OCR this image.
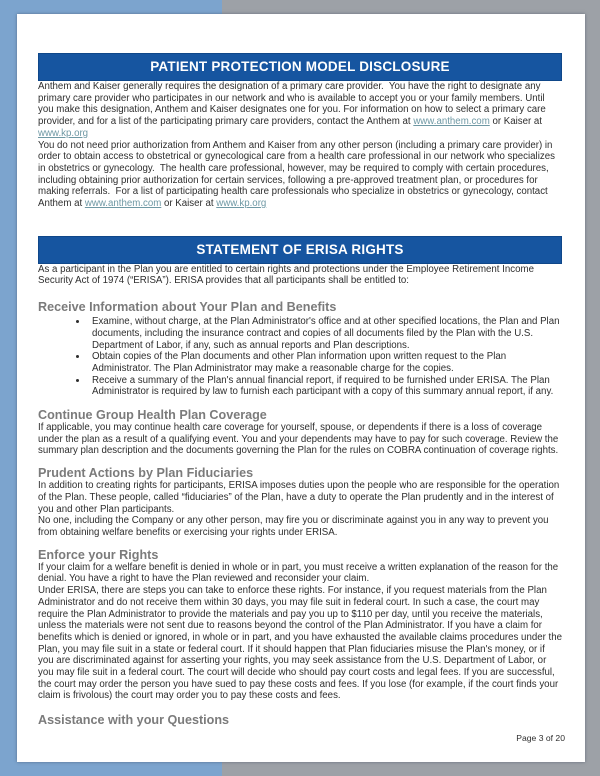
PATIENT PROTECTION MODEL DISCLOSURE

Anthem and Kaiser generally requires the designation of a primary care provider.  You have the right to designate any primary care provider who participates in our network and who is available to accept you or your family members. Until you make this designation, Anthem and Kaiser designates one for you. For information on how to select a primary care provider, and for a list of the participating primary care providers, contact the Anthem at www.anthem.com or Kaiser at www.kp.org

You do not need prior authorization from Anthem and Kaiser from any other person (including a primary care provider) in order to obtain access to obstetrical or gynecological care from a health care professional in our network who specializes in obstetrics or gynecology.  The health care professional, however, may be required to comply with certain procedures, including obtaining prior authorization for certain services, following a pre-approved treatment plan, or procedures for making referrals.  For a list of participating health care professionals who specialize in obstetrics or gynecology, contact Anthem at www.anthem.com or Kaiser at www.kp.org

STATEMENT OF ERISA RIGHTS

As a participant in the Plan you are entitled to certain rights and protections under the Employee Retirement Income Security Act of 1974 (“ERISA”). ERISA provides that all participants shall be entitled to:

Receive Information about Your Plan and Benefits
• Examine, without charge, at the Plan Administrator's office and at other specified locations, the Plan and Plan documents, including the insurance contract and copies of all documents filed by the Plan with the U.S. Department of Labor, if any, such as annual reports and Plan descriptions.
• Obtain copies of the Plan documents and other Plan information upon written request to the Plan Administrator. The Plan Administrator may make a reasonable charge for the copies.
• Receive a summary of the Plan's annual financial report, if required to be furnished under ERISA. The Plan Administrator is required by law to furnish each participant with a copy of this summary annual report, if any.
Continue Group Health Plan Coverage

If applicable, you may continue health care coverage for yourself, spouse, or dependents if there is a loss of coverage under the plan as a result of a qualifying event. You and your dependents may have to pay for such coverage. Review the summary plan description and the documents governing the Plan for the rules on COBRA continuation of coverage rights.

Prudent Actions by Plan Fiduciaries

In addition to creating rights for participants, ERISA imposes duties upon the people who are responsible for the operation of the Plan. These people, called “fiduciaries” of the Plan, have a duty to operate the Plan prudently and in the interest of you and other Plan participants.

No one, including the Company or any other person, may fire you or discriminate against you in any way to prevent you from obtaining welfare benefits or exercising your rights under ERISA.

Enforce your Rights

If your claim for a welfare benefit is denied in whole or in part, you must receive a written explanation of the reason for the denial. You have a right to have the Plan reviewed and reconsider your claim.

Under ERISA, there are steps you can take to enforce these rights. For instance, if you request materials from the Plan Administrator and do not receive them within 30 days, you may file suit in federal court. In such a case, the court may require the Plan Administrator to provide the materials and pay you up to $110 per day, until you receive the materials, unless the materials were not sent due to reasons beyond the control of the Plan Administrator. If you have a claim for benefits which is denied or ignored, in whole or in part, and you have exhausted the available claims procedures under the Plan, you may file suit in a state or federal court. If it should happen that Plan fiduciaries misuse the Plan's money, or if you are discriminated against for asserting your rights, you may seek assistance from the U.S. Department of Labor, or you may file suit in a federal court. The court will decide who should pay court costs and legal fees. If you are successful, the court may order the person you have sued to pay these costs and fees. If you lose (for example, if the court finds your claim is frivolous) the court may order you to pay these costs and fees.

Assistance with your Questions
Page 3 of 20
